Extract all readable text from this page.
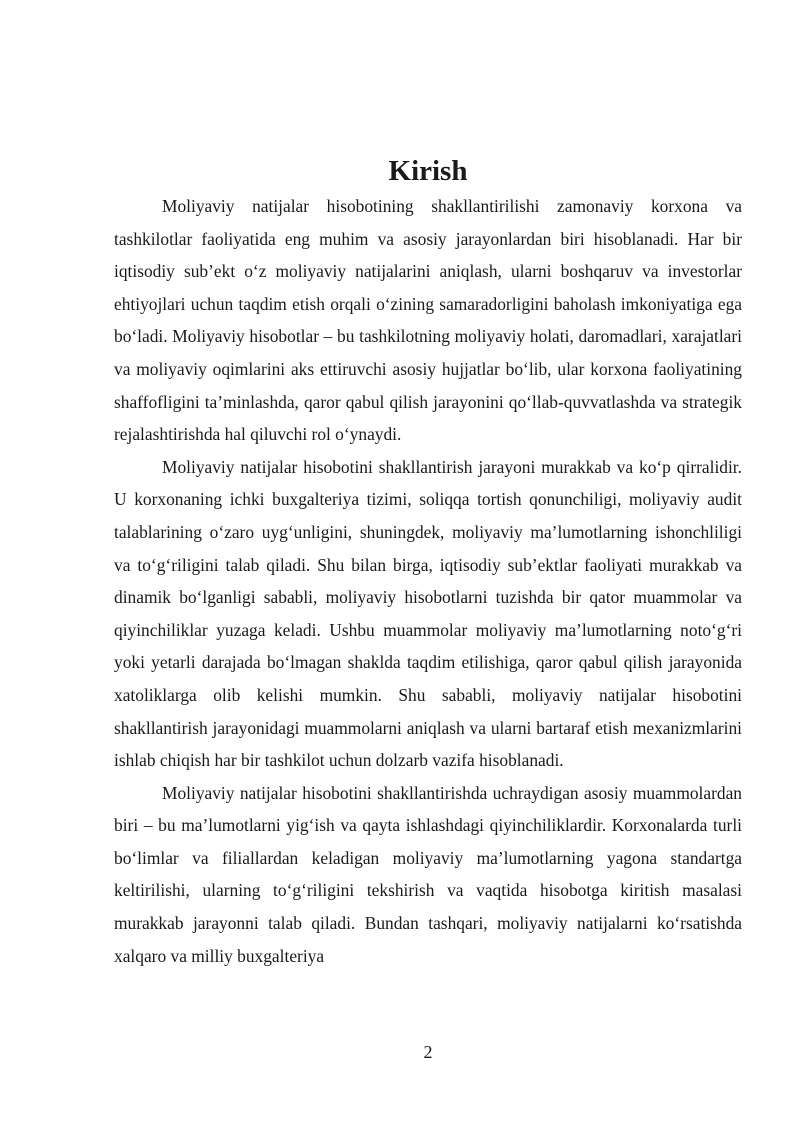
Kirish

Moliyaviy natijalar hisobotining shakllantirilishi zamonaviy korxona va tashkilotlar faoliyatida eng muhim va asosiy jarayonlardan biri hisoblanadi. Har bir iqtisodiy sub’ekt o‘z moliyaviy natijalarini aniqlash, ularni boshqaruv va investorlar ehtiyojlari uchun taqdim etish orqali o‘zining samaradorligini baholash imkoniyatiga ega bo‘ladi. Moliyaviy hisobotlar – bu tashkilotning moliyaviy holati, daromadlari, xarajatlari va moliyaviy oqimlarini aks ettiruvchi asosiy hujjatlar bo‘lib, ular korxona faoliyatining shaffofligini ta’minlashda, qaror qabul qilish jarayonini qo‘llab-quvvatlashda va strategik rejalashtirishda hal qiluvchi rol o‘ynaydi.

Moliyaviy natijalar hisobotini shakllantirish jarayoni murakkab va ko‘p qirralidir. U korxonaning ichki buxgalteriya tizimi, soliqqa tortish qonunchiligi, moliyaviy audit talablarining o‘zaro uyg‘unligini, shuningdek, moliyaviy ma’lumotlarning ishonchliligi va to‘g‘riligini talab qiladi. Shu bilan birga, iqtisodiy sub’ektlar faoliyati murakkab va dinamik bo‘lganligi sababli, moliyaviy hisobotlarni tuzishda bir qator muammolar va qiyinchiliklar yuzaga keladi. Ushbu muammolar moliyaviy ma’lumotlarning noto‘g‘ri yoki yetarli darajada bo‘lmagan shaklda taqdim etilishiga, qaror qabul qilish jarayonida xatoliklarga olib kelishi mumkin. Shu sababli, moliyaviy natijalar hisobotini shakllantirish jarayonidagi muammolarni aniqlash va ularni bartaraf etish mexanizmlarini ishlab chiqish har bir tashkilot uchun dolzarb vazifa hisoblanadi.

Moliyaviy natijalar hisobotini shakllantirishda uchraydigan asosiy muammolardan biri – bu ma’lumotlarni yig‘ish va qayta ishlashdagi qiyinchiliklardir. Korxonalarda turli bo‘limlar va filiallardan keladigan moliyaviy ma’lumotlarning yagona standartga keltirilishi, ularning to‘g‘riligini tekshirish va vaqtida hisobotga kiritish masalasi murakkab jarayonni talab qiladi. Bundan tashqari, moliyaviy natijalarni ko‘rsatishda xalqaro va milliy buxgalteriya

2
